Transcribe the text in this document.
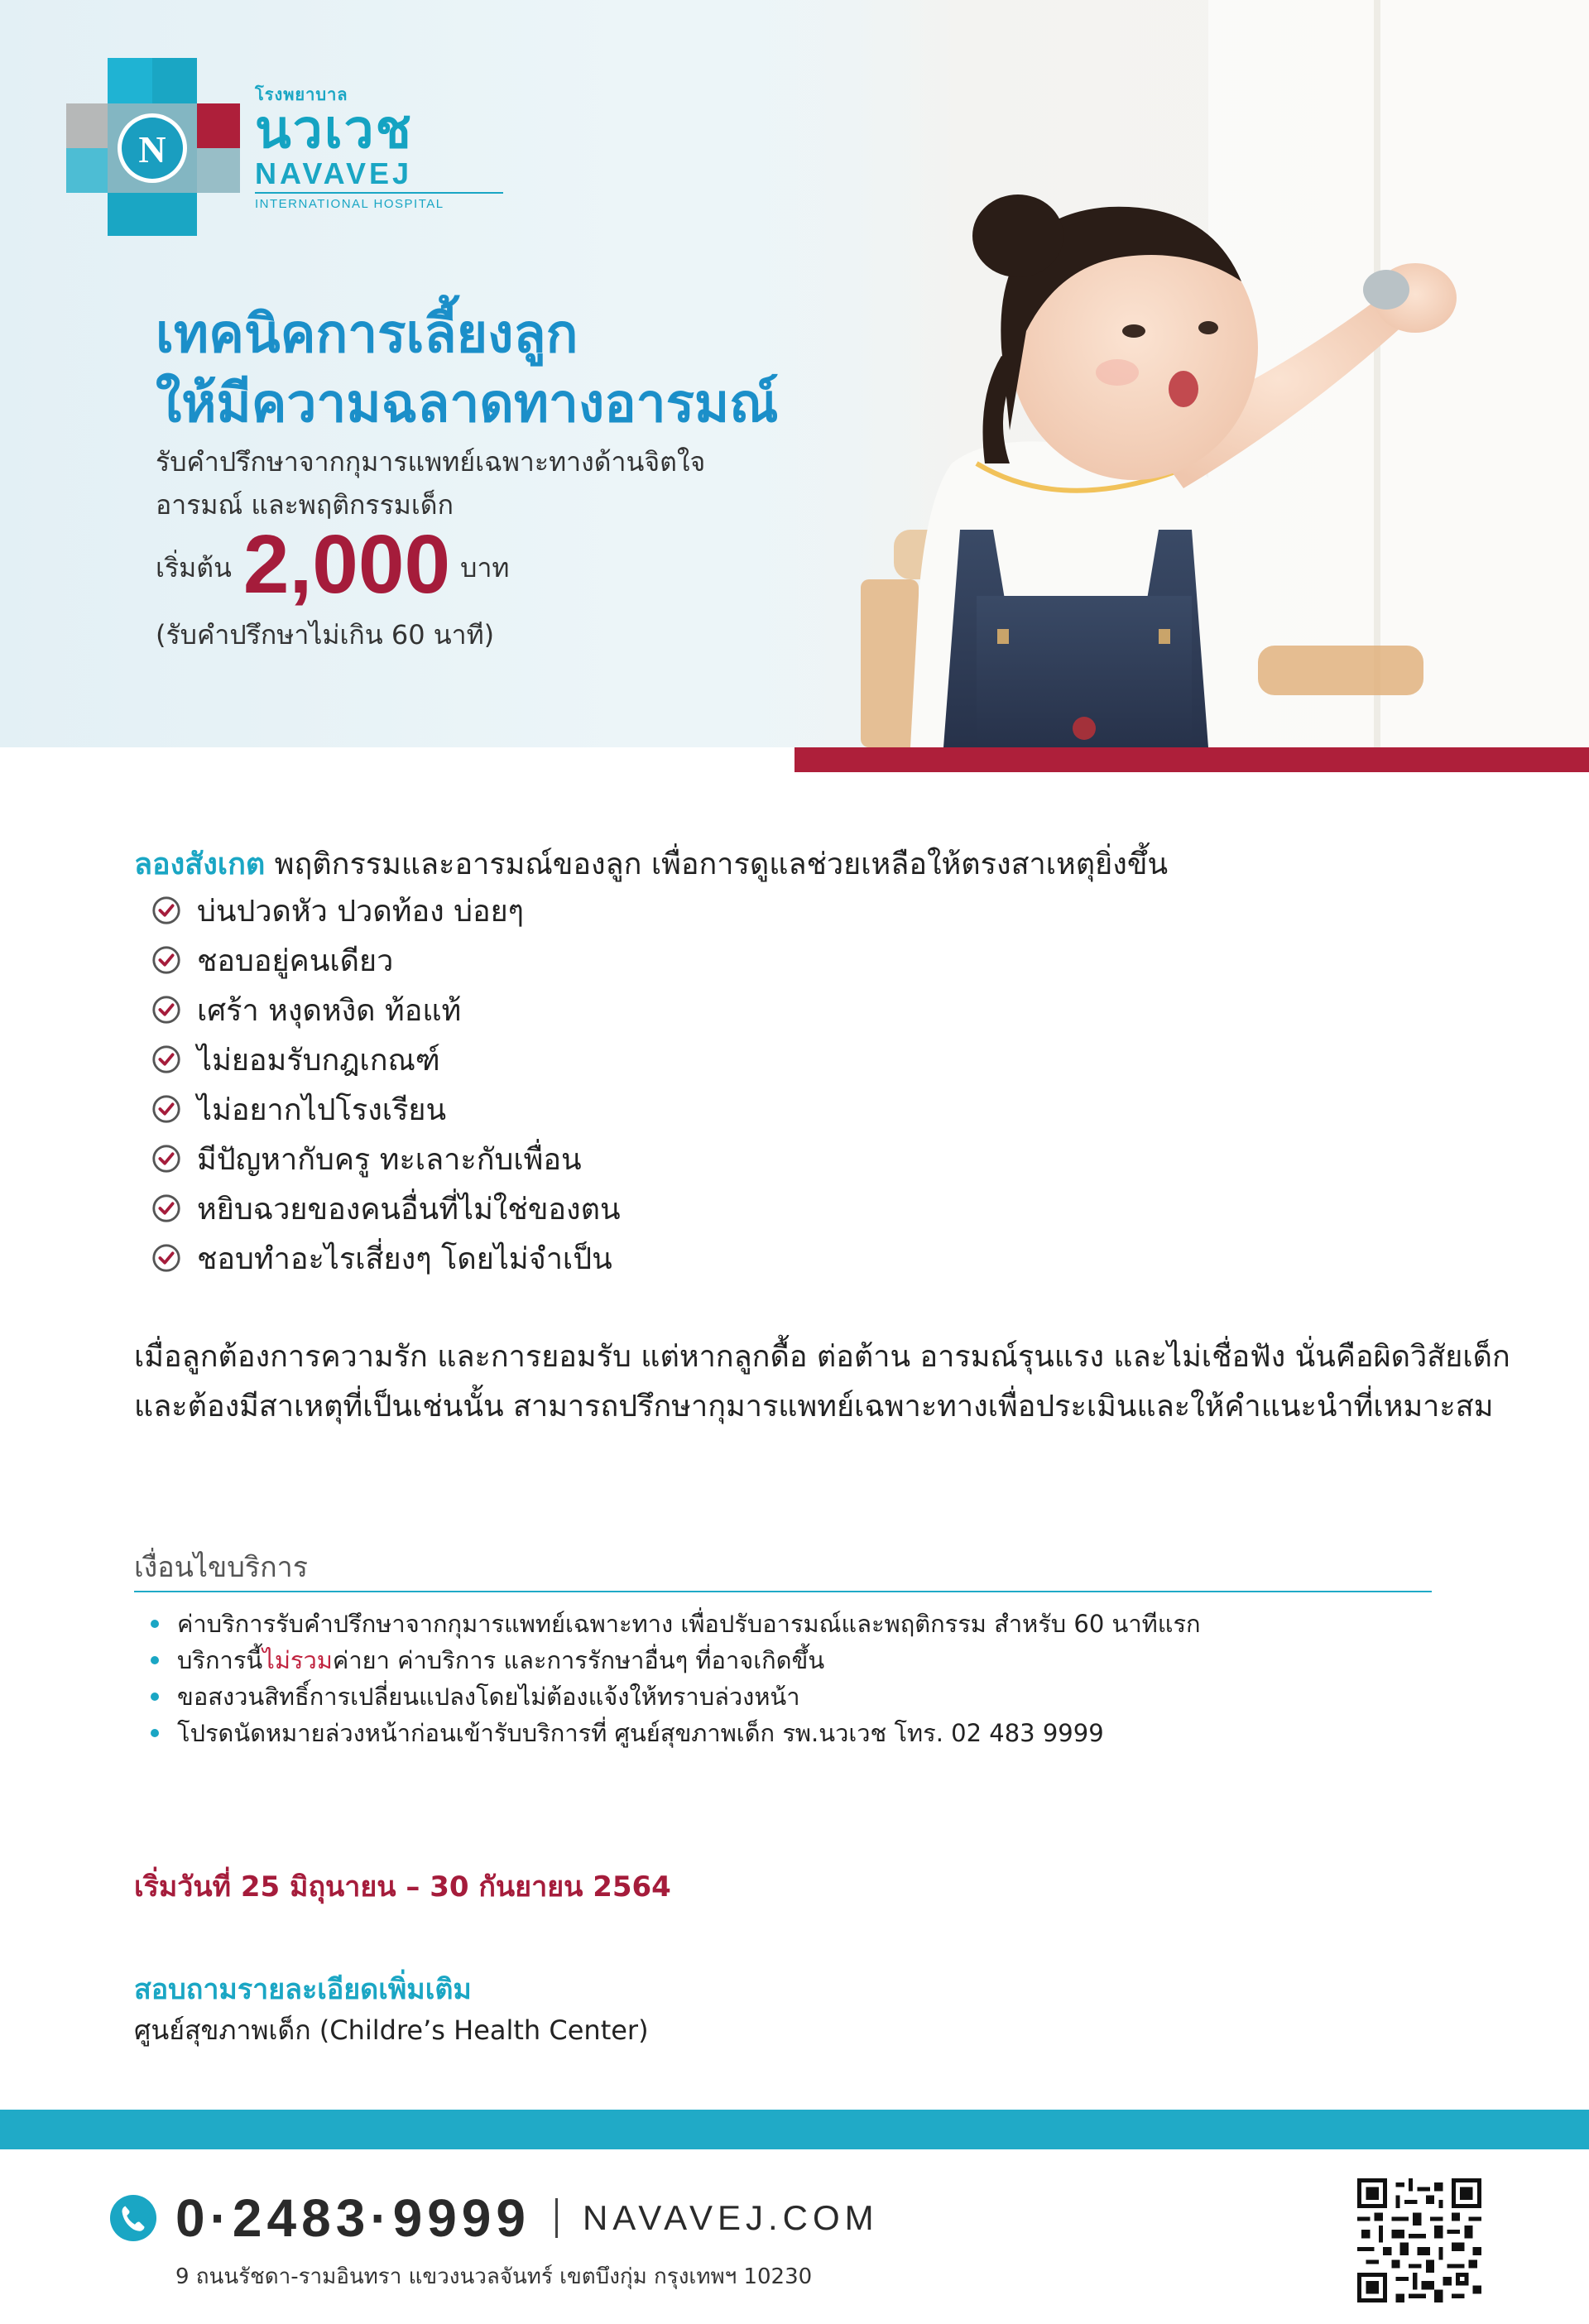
N
โรงพยาบาล
นวเวช
NAVAVEJ
INTERNATIONAL HOSPITAL
เทคนิคการเลี้ยงลูก
ให้มีความฉลาดทางอารมณ์
รับคำปรึกษาจากกุมารแพทย์เฉพาะทางด้านจิตใจ
อารมณ์ และพฤติกรรมเด็ก
เริ่มต้น 2,000 บาท
(รับคำปรึกษาไม่เกิน 60 นาที)
ลองสังเกต พฤติกรรมและอารมณ์ของลูก เพื่อการดูแลช่วยเหลือให้ตรงสาเหตุยิ่งขึ้น
บ่นปวดหัว ปวดท้อง บ่อยๆ
ชอบอยู่คนเดียว
เศร้า หงุดหงิด ท้อแท้
ไม่ยอมรับกฎเกณฑ์
ไม่อยากไปโรงเรียน
มีปัญหากับครู ทะเลาะกับเพื่อน
หยิบฉวยของคนอื่นที่ไม่ใช่ของตน
ชอบทำอะไรเสี่ยงๆ โดยไม่จำเป็น
เมื่อลูกต้องการความรัก และการยอมรับ แต่หากลูกดื้อ ต่อต้าน อารมณ์รุนแรง และไม่เชื่อฟัง นั่นคือผิดวิสัยเด็ก
และต้องมีสาเหตุที่เป็นเช่นนั้น สามารถปรึกษากุมารแพทย์เฉพาะทางเพื่อประเมินและให้คำแนะนำที่เหมาะสม
เงื่อนไขบริการ
ค่าบริการรับคำปรึกษาจากกุมารแพทย์เฉพาะทาง เพื่อปรับอารมณ์และพฤติกรรม สำหรับ 60 นาทีแรก
บริการนี้ ไม่รวม ค่ายา ค่าบริการ และการรักษาอื่นๆ ที่อาจเกิดขึ้น
ขอสงวนสิทธิ์การเปลี่ยนแปลงโดยไม่ต้องแจ้งให้ทราบล่วงหน้า
โปรดนัดหมายล่วงหน้าก่อนเข้ารับบริการที่ ศูนย์สุขภาพเด็ก รพ.นวเวช โทร. 02 483 9999
เริ่มวันที่ 25 มิถุนายน – 30 กันยายน 2564
สอบถามรายละเอียดเพิ่มเติม
ศูนย์สุขภาพเด็ก (Childre’s Health Center)
0·2483·9999 NAVAVEJ.COM
9 ถนนรัชดา-รามอินทรา แขวงนวลจันทร์ เขตบึงกุ่ม กรุงเทพฯ 10230
